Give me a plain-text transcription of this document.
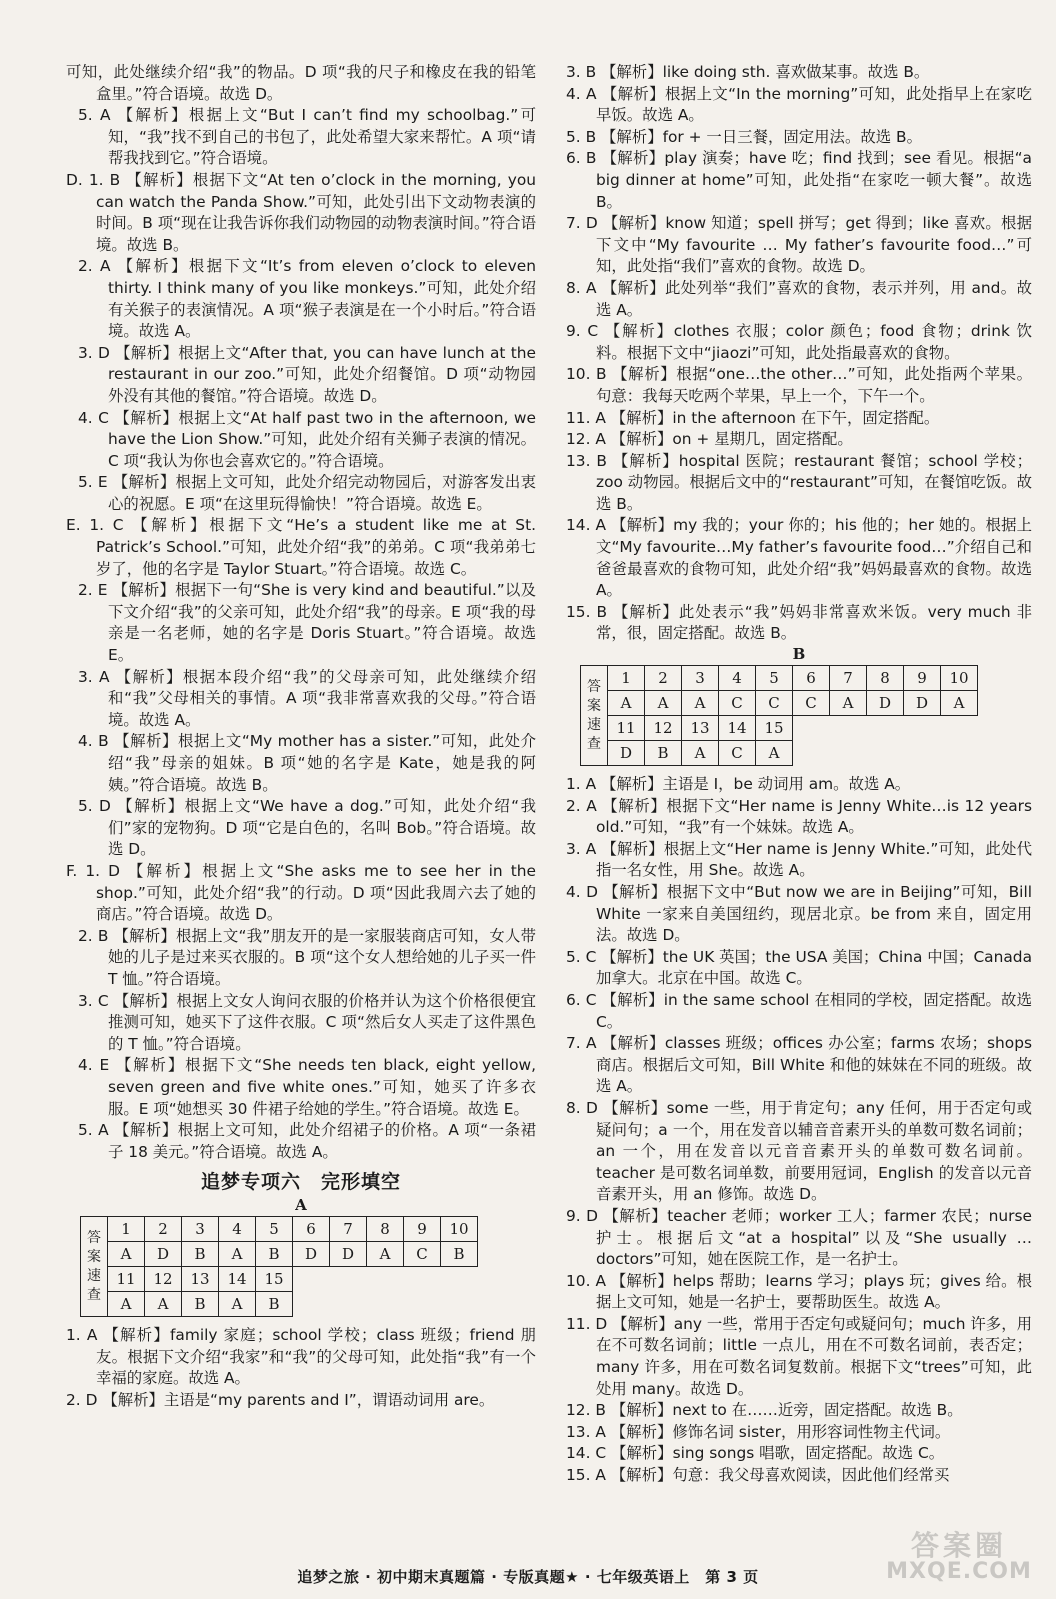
可知，此处继续介绍“我”的物品。D 项“我的尺子和橡皮在我的铅笔盒里。”符合语境。故选 D。
5. A 【解析】根据上文“But I can’t find my schoolbag.”可知，“我”找不到自己的书包了，此处希望大家来帮忙。A 项“请帮我找到它。”符合语境。
D. 1. B 【解析】根据下文“At ten o’clock in the morning, you can watch the Panda Show.”可知，此处引出下文动物表演的时间。B 项“现在让我告诉你我们动物园的动物表演时间。”符合语境。故选 B。
2. A 【解析】根据下文“It’s from eleven o’clock to eleven thirty. I think many of you like monkeys.”可知，此处介绍有关猴子的表演情况。A 项“猴子表演是在一个小时后。”符合语境。故选 A。
3. D 【解析】根据上文“After that, you can have lunch at the restaurant in our zoo.”可知，此处介绍餐馆。D 项“动物园外没有其他的餐馆。”符合语境。故选 D。
4. C 【解析】根据上文“At half past two in the afternoon, we have the Lion Show.”可知，此处介绍有关狮子表演的情况。C 项“我认为你也会喜欢它的。”符合语境。
5. E 【解析】根据上文可知，此处介绍完动物园后，对游客发出衷心的祝愿。E 项“在这里玩得愉快！”符合语境。故选 E。
E. 1. C 【解析】根据下文“He’s a student like me at St. Patrick’s School.”可知，此处介绍“我”的弟弟。C 项“我弟弟七岁了，他的名字是 Taylor Stuart。”符合语境。故选 C。
2. E 【解析】根据下一句“She is very kind and beautiful.”以及下文介绍“我”的父亲可知，此处介绍“我”的母亲。E 项“我的母亲是一名老师，她的名字是 Doris Stuart。”符合语境。故选 E。
3. A 【解析】根据本段介绍“我”的父母亲可知，此处继续介绍和“我”父母相关的事情。A 项“我非常喜欢我的父母。”符合语境。故选 A。
4. B 【解析】根据上文“My mother has a sister.”可知，此处介绍“我”母亲的姐妹。B 项“她的名字是 Kate，她是我的阿姨。”符合语境。故选 B。
5. D 【解析】根据上文“We have a dog.”可知，此处介绍“我们”家的宠物狗。D 项“它是白色的，名叫 Bob。”符合语境。故选 D。
F. 1. D 【解析】根据上文“She asks me to see her in the shop.”可知，此处介绍“我”的行动。D 项“因此我周六去了她的商店。”符合语境。故选 D。
2. B 【解析】根据上文“我”朋友开的是一家服装商店可知，女人带她的儿子是过来买衣服的。B 项“这个女人想给她的儿子买一件 T 恤。”符合语境。
3. C 【解析】根据上文女人询问衣服的价格并认为这个价格很便宜推测可知，她买下了这件衣服。C 项“然后女人买走了这件黑色的 T 恤。”符合语境。
4. E 【解析】根据下文“She needs ten black, eight yellow, seven green and five white ones.”可知，她买了许多衣服。E 项“她想买 30 件裙子给她的学生。”符合语境。故选 E。
5. A 【解析】根据上文可知，此处介绍裙子的价格。A 项“一条裙子 18 美元。”符合语境。故选 A。
追梦专项六　完形填空
A
答案速查	1	2	3	4	5	6	7	8	9	10
	A	D	B	A	B	D	D	A	C	B
	11	12	13	14	15					
	A	A	B	A	B					
1. A 【解析】family 家庭；school 学校；class 班级；friend 朋友。根据下文介绍“我家”和“我”的父母可知，此处指“我”有一个幸福的家庭。故选 A。
2. D 【解析】主语是“my parents and I”，谓语动词用 are。
3. B 【解析】like doing sth. 喜欢做某事。故选 B。
4. A 【解析】根据上文“In the morning”可知，此处指早上在家吃早饭。故选 A。
5. B 【解析】for + 一日三餐，固定用法。故选 B。
6. B 【解析】play 演奏；have 吃；find 找到；see 看见。根据“a big dinner at home”可知，此处指“在家吃一顿大餐”。故选 B。
7. D 【解析】know 知道；spell 拼写；get 得到；like 喜欢。根据下文中“My favourite … My father’s favourite food…”可知，此处指“我们”喜欢的食物。故选 D。
8. A 【解析】此处列举“我们”喜欢的食物，表示并列，用 and。故选 A。
9. C 【解析】clothes 衣服；color 颜色；food 食物；drink 饮料。根据下文中“jiaozi”可知，此处指最喜欢的食物。
10. B 【解析】根据“one…the other…”可知，此处指两个苹果。句意：我每天吃两个苹果，早上一个，下午一个。
11. A 【解析】in the afternoon 在下午，固定搭配。
12. A 【解析】on + 星期几，固定搭配。
13. B 【解析】hospital 医院；restaurant 餐馆；school 学校；zoo 动物园。根据后文中的“restaurant”可知，在餐馆吃饭。故选 B。
14. A 【解析】my 我的；your 你的；his 他的；her 她的。根据上文“My favourite…My father’s favourite food…”介绍自己和爸爸最喜欢的食物可知，此处介绍“我”妈妈最喜欢的食物。故选 A。
15. B 【解析】此处表示“我”妈妈非常喜欢米饭。very much 非常，很，固定搭配。故选 B。
B
答案速查	1	2	3	4	5	6	7	8	9	10
	A	A	A	C	C	C	A	D	D	A
	11	12	13	14	15					
	D	B	A	C	A					
1. A 【解析】主语是 I，be 动词用 am。故选 A。
2. A 【解析】根据下文“Her name is Jenny White…is 12 years old.”可知，“我”有一个妹妹。故选 A。
3. A 【解析】根据上文“Her name is Jenny White.”可知，此处代指一名女性，用 She。故选 A。
4. D 【解析】根据下文中“But now we are in Beijing”可知，Bill White 一家来自美国纽约，现居北京。be from 来自，固定用法。故选 D。
5. C 【解析】the UK 英国；the USA 美国；China 中国；Canada 加拿大。北京在中国。故选 C。
6. C 【解析】in the same school 在相同的学校，固定搭配。故选 C。
7. A 【解析】classes 班级；offices 办公室；farms 农场；shops 商店。根据后文可知，Bill White 和他的妹妹在不同的班级。故选 A。
8. D 【解析】some 一些，用于肯定句；any 任何，用于否定句或疑问句；a 一个，用在发音以辅音音素开头的单数可数名词前；an 一个，用在发音以元音音素开头的单数可数名词前。teacher 是可数名词单数，前要用冠词，English 的发音以元音音素开头，用 an 修饰。故选 D。
9. D 【解析】teacher 老师；worker 工人；farmer 农民；nurse 护士。根据后文“at a hospital”以及“She usually …doctors”可知，她在医院工作，是一名护士。
10. A 【解析】helps 帮助；learns 学习；plays 玩；gives 给。根据上文可知，她是一名护士，要帮助医生。故选 A。
11. D 【解析】any 一些，常用于否定句或疑问句；much 许多，用在不可数名词前；little 一点儿，用在不可数名词前，表否定；many 许多，用在可数名词复数前。根据下文“trees”可知，此处用 many。故选 D。
12. B 【解析】next to 在……近旁，固定搭配。故选 B。
13. A 【解析】修饰名词 sister，用形容词性物主代词。
14. C 【解析】sing songs 唱歌，固定搭配。故选 C。
15. A 【解析】句意：我父母喜欢阅读，因此他们经常买
追梦之旅 · 初中期末真题篇 · 专版真题★ · 七年级英语上　第 3 页
答案圈
MXQE.COM
